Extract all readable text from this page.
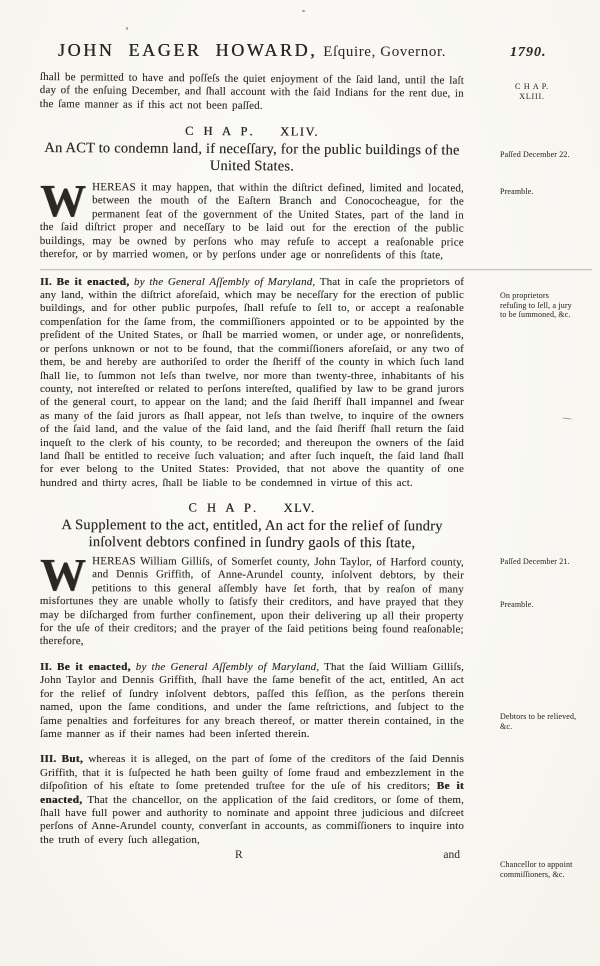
JOHN EAGER HOWARD, Eſquire, Governor.

ſhall be permitted to have and poſſeſs the quiet enjoyment of the ſaid land, until the laſt day of the enſuing December, and ſhall account with the ſaid Indians for the rent due, in the ſame manner as if this act not been paſſed.

C H A P. XLIV.
An ACT to condemn land, if neceſſary, for the public buildings of the United States.

W HEREAS it may happen, that within the diſtrict defined, limited and located, between the mouth of the Eaſtern Branch and Conococheague, for the permanent ſeat of the government of the United States, part of the land in the ſaid diſtrict proper and neceſſary to be laid out for the erection of the public buildings, may be owned by perſons who may refuſe to accept a reaſonable price therefor, or by married women, or by perſons under age or nonreſidents of this ſtate,

II. Be it enacted, by the General Aſſembly of Maryland, That in caſe the proprietors of any land, within the diſtrict aforeſaid, which may be neceſſary for the erection of public buildings, and for other public purpoſes, ſhall refuſe to ſell to, or accept a reaſonable compenſation for the ſame from, the commiſſioners appointed or to be appointed by the preſident of the United States, or ſhall be married women, or under age, or nonreſidents, or perſons unknown or not to be found, that the commiſſioners aforeſaid, or any two of them, be and hereby are authoriſed to order the ſheriff of the county in which ſuch land ſhall lie, to ſummon not leſs than twelve, nor more than twenty-three, inhabitants of his county, not intereſted or related to perſons intereſted, qualified by law to be grand jurors of the general court, to appear on the land; and the ſaid ſheriff ſhall impannel and ſwear as many of the ſaid jurors as ſhall appear, not leſs than twelve, to inquire of the owners of the ſaid land, and the value of the ſaid land, and the ſaid ſheriff ſhall return the ſaid inqueſt to the clerk of his county, to be recorded; and thereupon the owners of the ſaid land ſhall be entitled to receive ſuch valuation; and after ſuch inqueſt, the ſaid land ſhall for ever belong to the United States: Provided, that not above the quantity of one hundred and thirty acres, ſhall be liable to be condemned in virtue of this act.

C H A P. XLV.
A Supplement to the act, entitled, An act for the relief of ſundry inſolvent debtors confined in ſundry gaols of this ſtate,

W HEREAS William Gilliſs, of Somerſet county, John Taylor, of Harford county, and Dennis Griffith, of Anne-Arundel county, inſolvent debtors, by their petitions to this general aſſembly have ſet forth, that by reaſon of many misfortunes they are unable wholly to ſatisfy their creditors, and have prayed that they may be diſcharged from further confinement, upon their delivering up all their property for the uſe of their creditors; and the prayer of the ſaid petitions being found reaſonable; therefore,

II. Be it enacted, by the General Aſſembly of Maryland, That the ſaid William Gilliſs, John Taylor and Dennis Griffith, ſhall have the ſame benefit of the act, entitled, An act for the relief of ſundry inſolvent debtors, paſſed this ſeſſion, as the perſons therein named, upon the ſame conditions, and under the ſame reſtrictions, and ſubject to the ſame penalties and forfeitures for any breach thereof, or matter therein contained, in the ſame manner as if their names had been inſerted therein.

III. But, whereas it is alleged, on the part of ſome of the creditors of the ſaid Dennis Griffith, that it is ſuſpected he hath been guilty of ſome fraud and embezzlement in the diſpoſition of his eſtate to ſome pretended truſtee for the uſe of his creditors; Be it enacted, That the chancellor, on the application of the ſaid creditors, or ſome of them, ſhall have full power and authority to nominate and appoint three judicious and diſcreet perſons of Anne-Arundel county, converſant in accounts, as commiſſioners to inquire into the truth of every ſuch allegation,

R	and
1790.
C H A P. XLIII.
Paſſed December 22.
Preamble.
On proprietors refuſing to ſell, a jury to be ſummoned, &c.
Paſſed December 21.
Preamble.
Debtors to be relieved, &c.
Chancellor to appoint commiſſioners, &c.
